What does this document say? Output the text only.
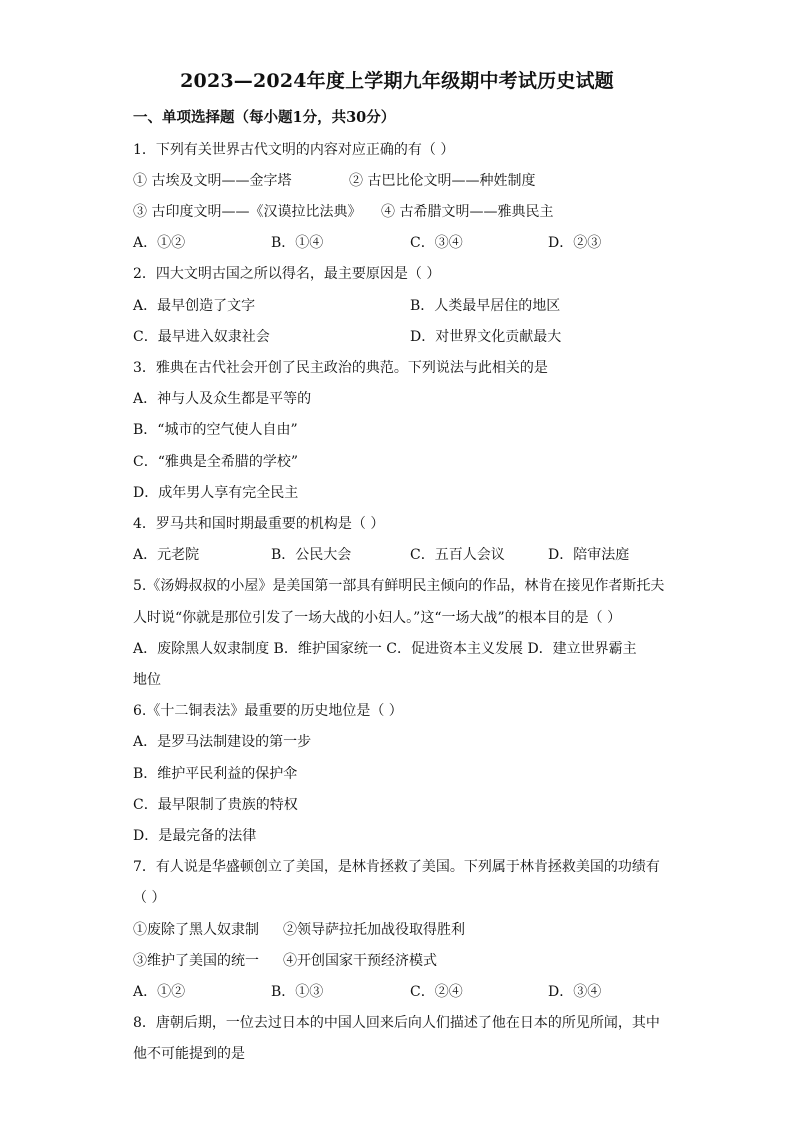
2023—2024年度上学期九年级期中考试历史试题
一、单项选择题（每小题1分，共30分）
1．下列有关世界古代文明的内容对应正确的有（ ）
① 古埃及文明——金字塔	② 古巴比伦文明——种姓制度
③ 古印度文明——《汉谟拉比法典》 ④ 古希腊文明——雅典民主
A．①②	B．①④	C．③④	D．②③
2．四大文明古国之所以得名，最主要原因是（ ）
A．最早创造了文字	B．人类最早居住的地区
C．最早进入奴隶社会	D．对世界文化贡献最大
3．雅典在古代社会开创了民主政治的典范。下列说法与此相关的是
A．神与人及众生都是平等的
B．“城市的空气使人自由”
C．“雅典是全希腊的学校”
D．成年男人享有完全民主
4．罗马共和国时期最重要的机构是（ ）
A．元老院	B．公民大会	C．五百人会议	D．陪审法庭
5.《汤姆叔叔的小屋》是美国第一部具有鲜明民主倾向的作品，林肯在接见作者斯托夫
人时说“你就是那位引发了一场大战的小妇人。”这“一场大战”的根本目的是（ ）
A．废除黑人奴隶制度 B．维护国家统一 C．促进资本主义发展 D．建立世界霸主
地位
6.《十二铜表法》最重要的历史地位是（ ）
A．是罗马法制建设的第一步
B．维护平民利益的保护伞
C．最早限制了贵族的特权
D．是最完备的法律
7．有人说是华盛顿创立了美国，是林肯拯救了美国。下列属于林肯拯救美国的功绩有
（ ）
①废除了黑人奴隶制 ②领导萨拉托加战役取得胜利
③维护了美国的统一 ④开创国家干预经济模式
A．①②	B．①③	C．②④	D．③④
8．唐朝后期，一位去过日本的中国人回来后向人们描述了他在日本的所见所闻，其中
他不可能提到的是
